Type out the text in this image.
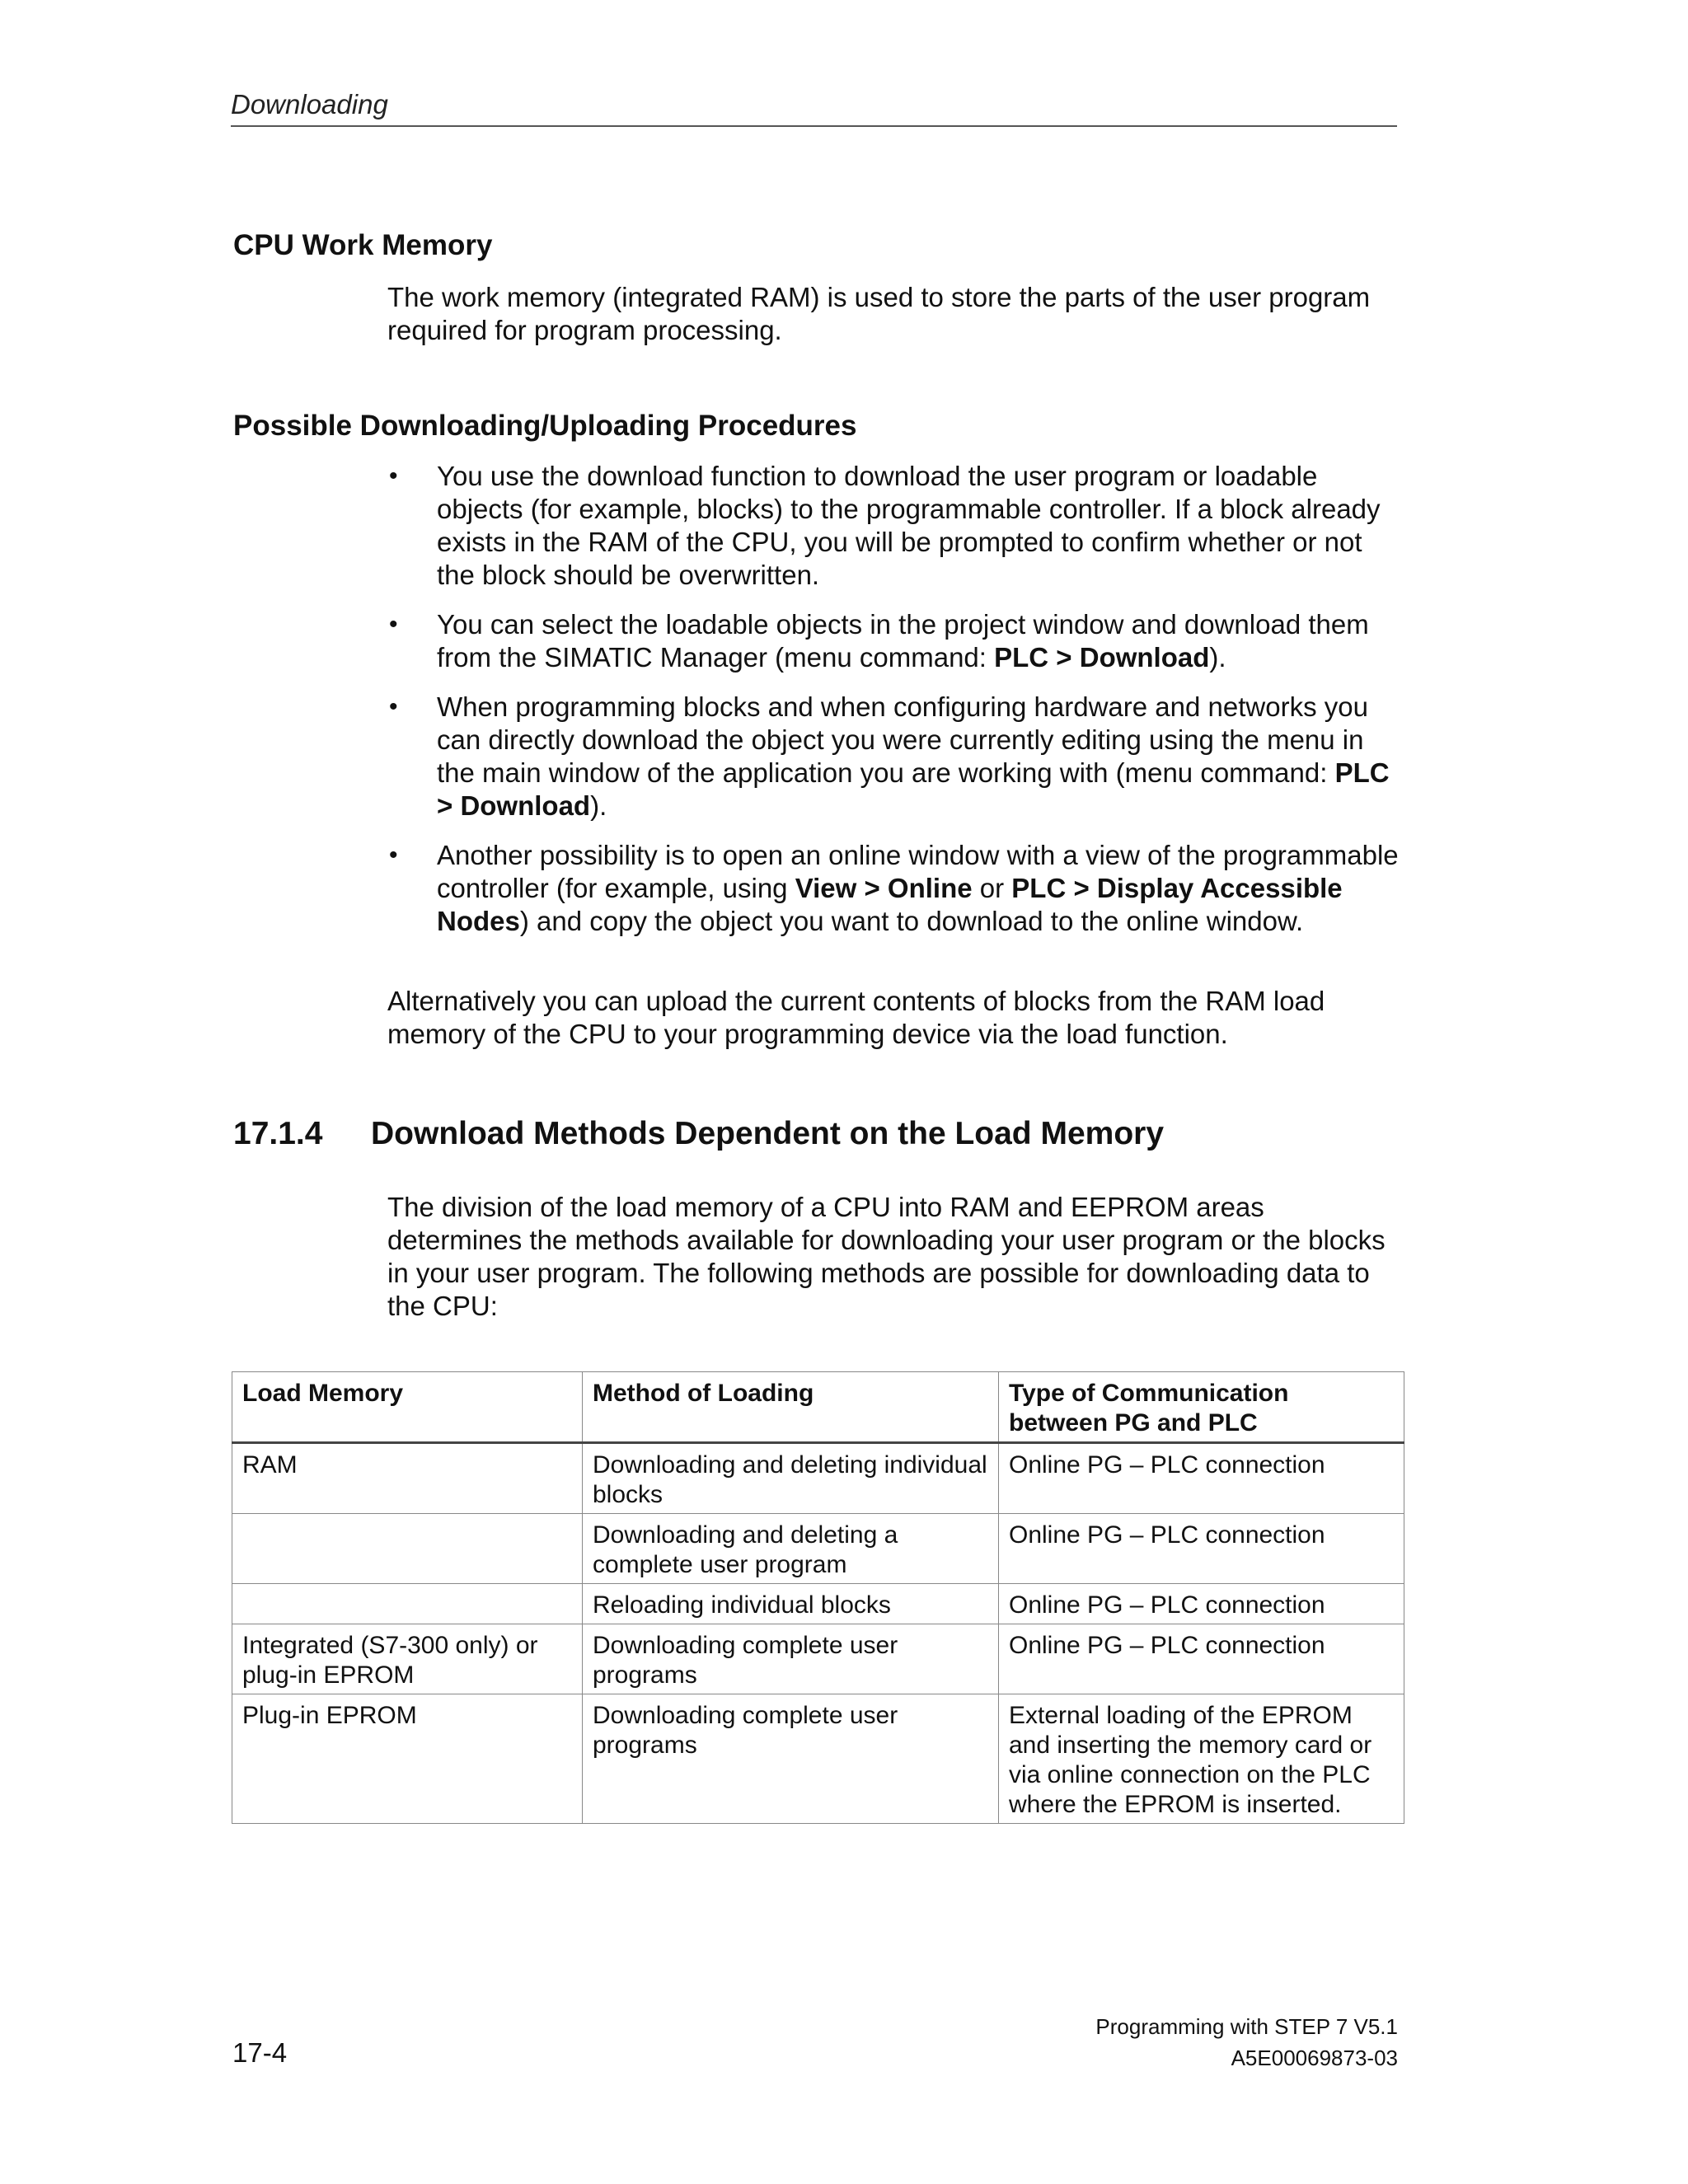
Downloading
CPU Work Memory

The work memory (integrated RAM) is used to store the parts of the user program required for program processing.

Possible Downloading/Uploading Procedures
• You use the download function to download the user program or loadable objects (for example, blocks) to the programmable controller. If a block already exists in the RAM of the CPU, you will be prompted to confirm whether or not the block should be overwritten.
• You can select the loadable objects in the project window and download them from the SIMATIC Manager (menu command: PLC > Download).
• When programming blocks and when configuring hardware and networks you can directly download the object you were currently editing using the menu in the main window of the application you are working with (menu command: PLC > Download).
• Another possibility is to open an online window with a view of the programmable controller (for example, using View > Online or PLC > Display Accessible Nodes) and copy the object you want to download to the online window.

Alternatively you can upload the current contents of blocks from the RAM load memory of the CPU to your programming device via the load function.

17.1.4 Download Methods Dependent on the Load Memory

The division of the load memory of a CPU into RAM and EEPROM areas determines the methods available for downloading your user program or the blocks in your user program. The following methods are possible for downloading data to the CPU:

Load Memory	Method of Loading	Type of Communication between PG and PLC
RAM	Downloading and deleting individual blocks	Online PG – PLC connection
	Downloading and deleting a complete user program	Online PG – PLC connection
	Reloading individual blocks	Online PG – PLC connection
Integrated (S7-300 only) or plug-in EPROM	Downloading complete user programs	Online PG – PLC connection
Plug-in EPROM	Downloading complete user programs	External loading of the EPROM and inserting the memory card or via online connection on the PLC where the EPROM is inserted.
17-4
Programming with STEP 7 V5.1
A5E00069873-03
